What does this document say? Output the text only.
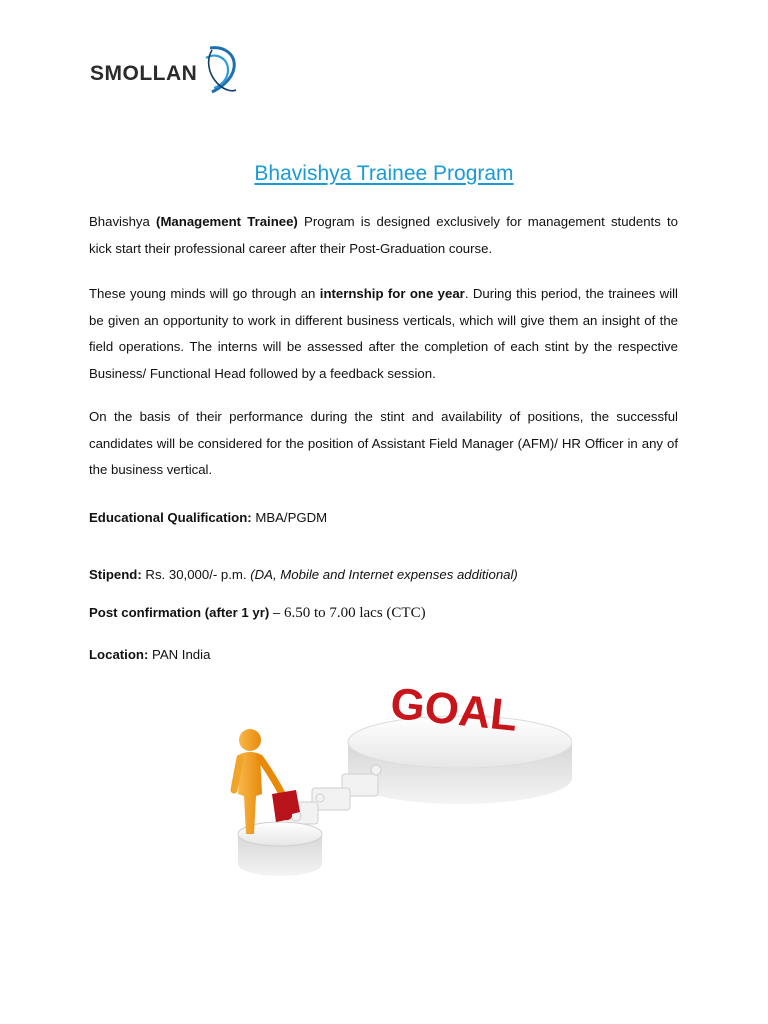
SMOLLAN
Bhavishya Trainee Program
Bhavishya (Management Trainee) Program is designed exclusively for management students to kick start their professional career after their Post-Graduation course.
These young minds will go through an internship for one year. During this period, the trainees will be given an opportunity to work in different business verticals, which will give them an insight of the field operations. The interns will be assessed after the completion of each stint by the respective Business/ Functional Head followed by a feedback session.
On the basis of their performance during the stint and availability of positions, the successful candidates will be considered for the position of Assistant Field Manager (AFM)/ HR Officer in any of the business vertical.
Educational Qualification: MBA/PGDM
Stipend: Rs. 30,000/- p.m. (DA, Mobile and Internet expenses additional)
Post confirmation (after 1 yr) – 6.50 to 7.00 lacs (CTC)
Location: PAN India
GOAL
